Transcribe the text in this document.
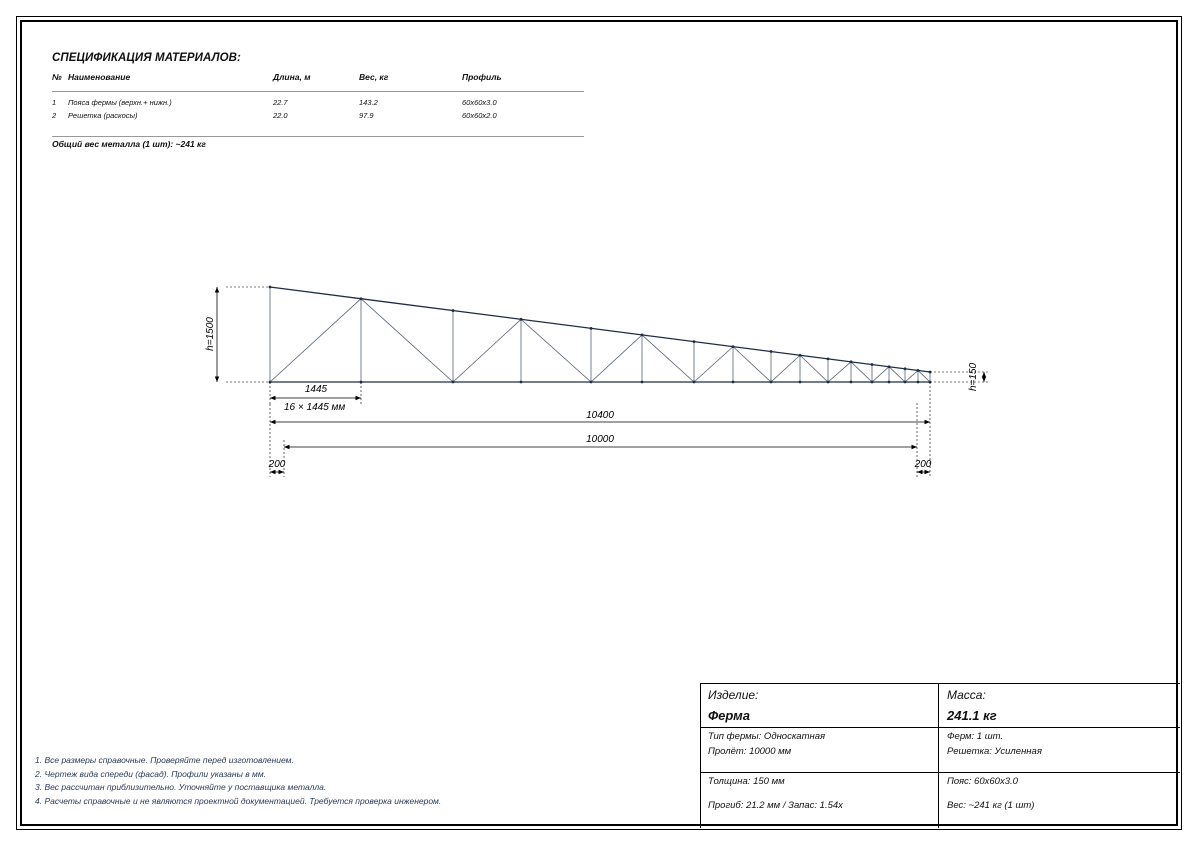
СПЕЦИФИКАЦИЯ МАТЕРИАЛОВ:
№ Наименование	Длина, м	Вес, кг	Профиль
1 Пояса фермы (верхн.+ нижн.)	22.7	143.2	60х60х3.0
2 Решетка (раскосы)	22.0	97.9	60х60х2.0
Общий вес металла (1 шт): ~241 кг
h=1500
h=150
1445
16 × 1445 мм
10400
10000
200	200
1. Все размеры справочные. Проверяйте перед изготовлением.
2. Чертеж вида спереди (фасад). Профили указаны в мм.
3. Вес рассчитан приблизительно. Уточняйте у поставщика металла.
4. Расчеты справочные и не являются проектной документацией. Требуется проверка инженером.
Изделие:
Ферма
Масса:
241.1 кг
Тип фермы: Односкатная
Пролёт: 10000 мм
Ферм: 1 шт.
Решетка: Усиленная
Толщина: 150 мм	Пояс: 60х60х3.0
Прогиб: 21.2 мм / Запас: 1.54x	Вес: ~241 кг (1 шт)
